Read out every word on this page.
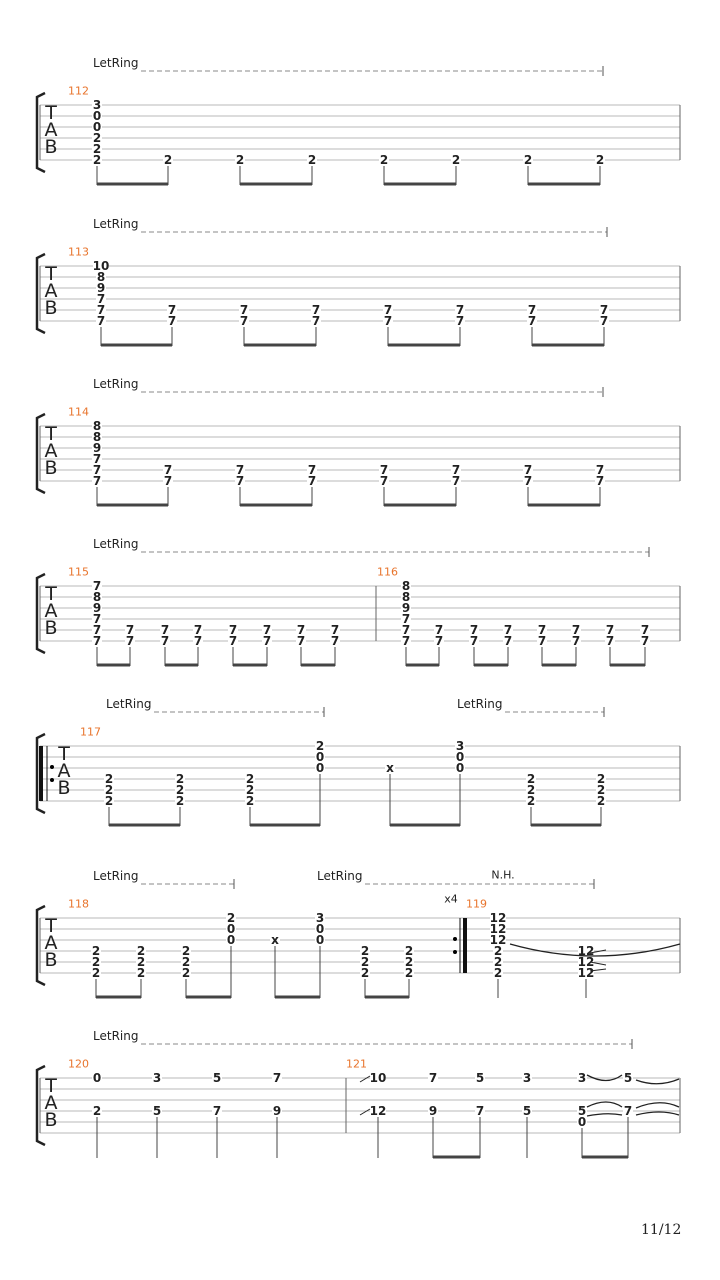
T
A
B
LetRing
112
3
0
0
2
2
2	2	2	2	2	2	2	2
T
A
B
LetRing
113
10
8
9
7
7
7
7
7
7
7
7
7
7
7
7
7
7
7
7
7
T
A
B
LetRing
114
8
8
9
7
7
7
7
7
7
7
7
7
7
7
7
7
7
7
7
7
T
A
B
LetRing
115
7
8
9
7
7
7
7
7
7
7
7
7
7
7
7
7
7
7
7
7
116
8
8
9
7
7
7
7
7
7
7
7
7
7
7
7
7
7
7
7
7
T
A
B
LetRing	LetRing
117
2
2
2
2
2
2
2
2
2
2
0
0	x
3
0
0
2
2
2
2
2
2
T
A
B
LetRing	LetRing
118
2
2
2
2
2
2
2
2
2
2
0
0	x
3
0
0
2
2
2
2
2
2
119
12
12
12
2
2
2
12
12
12
x4
N.H.
T
A
B
LetRing
120
0
2
3
5
5
7
7
9
121
10
12
7
9
5
7
3
5
3
5
0
5
7
11/12
